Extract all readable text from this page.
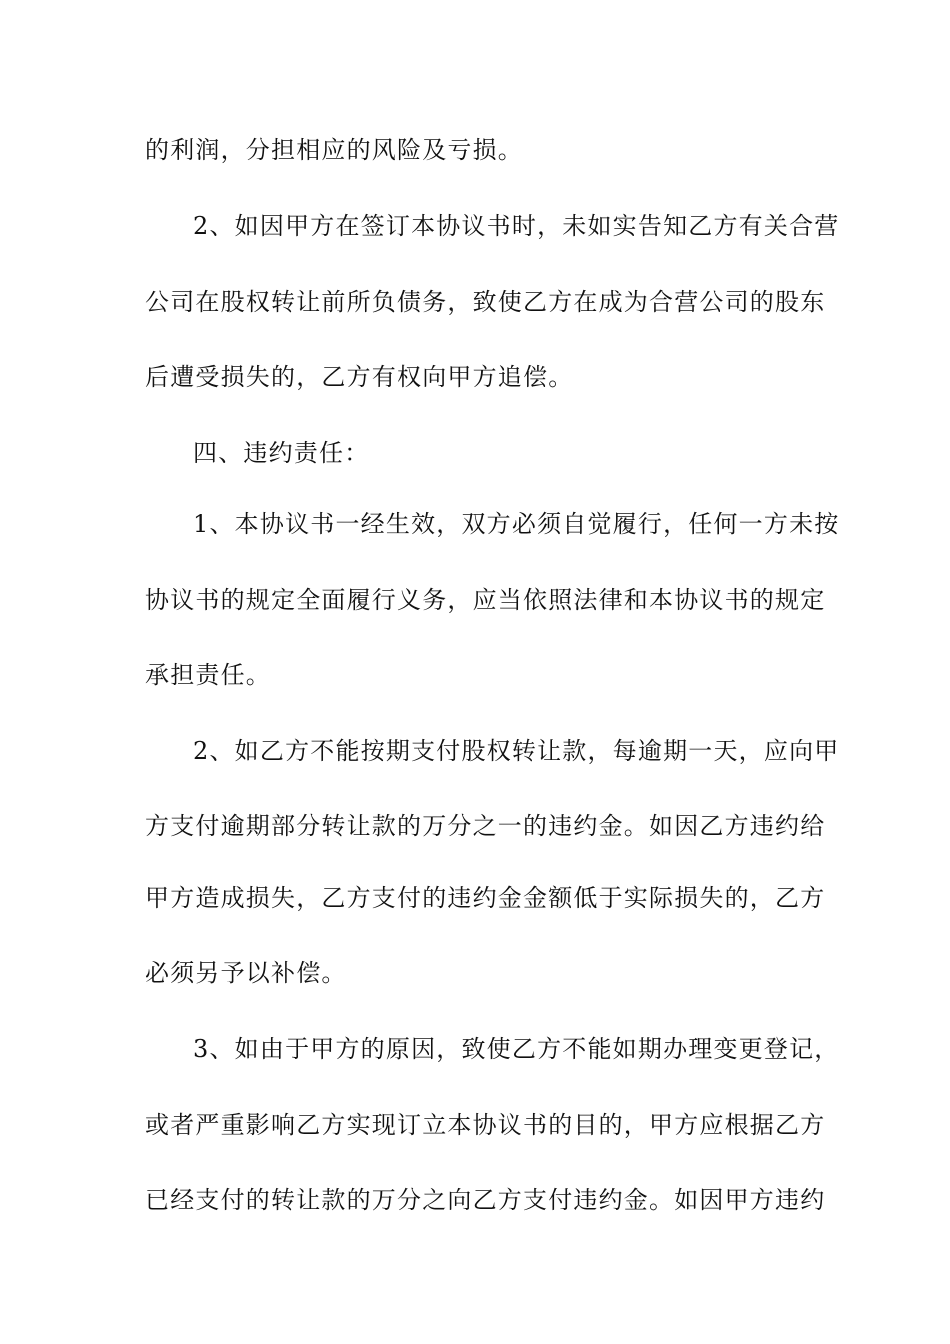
的利润，分担相应的风险及亏损。
2、如因甲方在签订本协议书时，未如实告知乙方有关合营
公司在股权转让前所负债务，致使乙方在成为合营公司的股东
后遭受损失的，乙方有权向甲方追偿。
四、违约责任：
1、本协议书一经生效，双方必须自觉履行，任何一方未按
协议书的规定全面履行义务，应当依照法律和本协议书的规定
承担责任。
2、如乙方不能按期支付股权转让款，每逾期一天，应向甲
方支付逾期部分转让款的万分之一的违约金。如因乙方违约给
甲方造成损失，乙方支付的违约金金额低于实际损失的，乙方
必须另予以补偿。
3、如由于甲方的原因，致使乙方不能如期办理变更登记，
或者严重影响乙方实现订立本协议书的目的，甲方应根据乙方
已经支付的转让款的万分之向乙方支付违约金。如因甲方违约
